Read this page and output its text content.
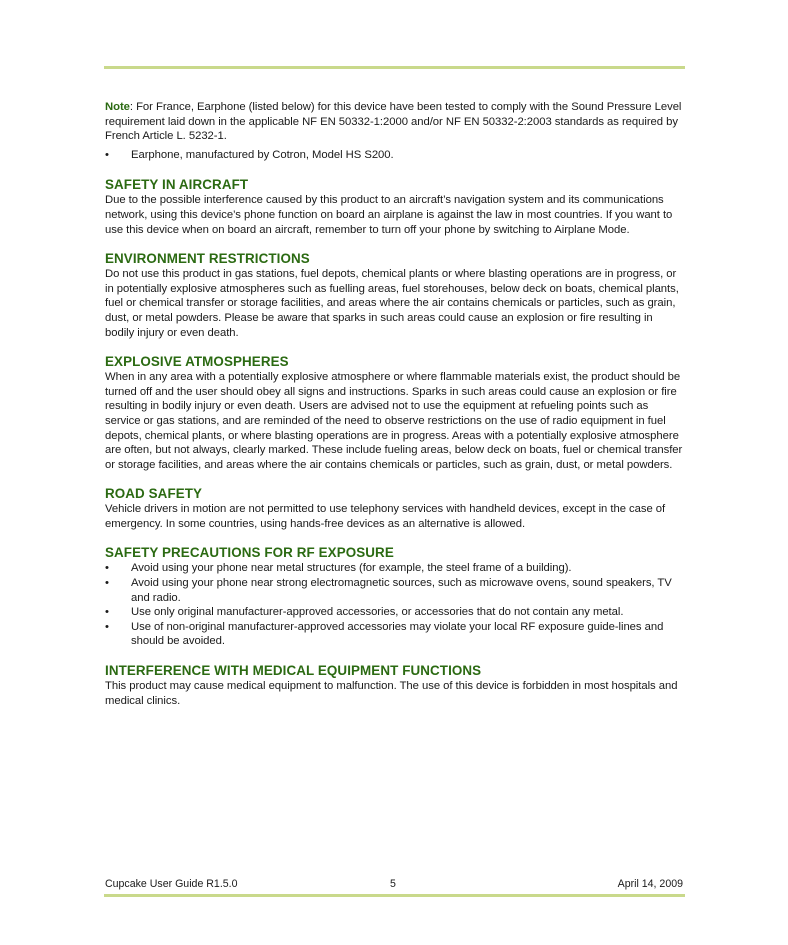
Note: For France, Earphone (listed below) for this device have been tested to comply with the Sound Pressure Level requirement laid down in the applicable NF EN 50332-1:2000 and/or NF EN 50332-2:2003 standards as required by French Article L. 5232-1.

• Earphone, manufactured by Cotron, Model HS S200.
SAFETY IN AIRCRAFT

Due to the possible interference caused by this product to an aircraft’s navigation system and its communications network, using this device’s phone function on board an airplane is against the law in most countries. If you want to use this device when on board an aircraft, remember to turn off your phone by switching to Airplane Mode.

ENVIRONMENT RESTRICTIONS

Do not use this product in gas stations, fuel depots, chemical plants or where blasting operations are in progress, or in potentially explosive atmospheres such as fuelling areas, fuel storehouses, below deck on boats, chemical plants, fuel or chemical transfer or storage facilities, and areas where the air contains chemicals or particles, such as grain, dust, or metal powders. Please be aware that sparks in such areas could cause an explosion or fire resulting in bodily injury or even death.

EXPLOSIVE ATMOSPHERES

When in any area with a potentially explosive atmosphere or where flammable materials exist, the product should be turned off and the user should obey all signs and instructions. Sparks in such areas could cause an explosion or fire resulting in bodily injury or even death. Users are advised not to use the equipment at refueling points such as service or gas stations, and are reminded of the need to observe restrictions on the use of radio equipment in fuel depots, chemical plants, or where blasting operations are in progress. Areas with a potentially explosive atmosphere are often, but not always, clearly marked. These include fueling areas, below deck on boats, fuel or chemical transfer or storage facilities, and areas where the air contains chemicals or particles, such as grain, dust, or metal powders.

ROAD SAFETY

Vehicle drivers in motion are not permitted to use telephony services with handheld devices, except in the case of emergency. In some countries, using hands-free devices as an alternative is allowed.

SAFETY PRECAUTIONS FOR RF EXPOSURE
• Avoid using your phone near metal structures (for example, the steel frame of a building).
• Avoid using your phone near strong electromagnetic sources, such as microwave ovens, sound speakers, TV and radio.
• Use only original manufacturer-approved accessories, or accessories that do not contain any metal.
• Use of non-original manufacturer-approved accessories may violate your local RF exposure guide-lines and should be avoided.
INTERFERENCE WITH MEDICAL EQUIPMENT FUNCTIONS

This product may cause medical equipment to malfunction. The use of this device is forbidden in most hospitals and medical clinics.

Cupcake User Guide R1.5.0	5	April 14, 2009
